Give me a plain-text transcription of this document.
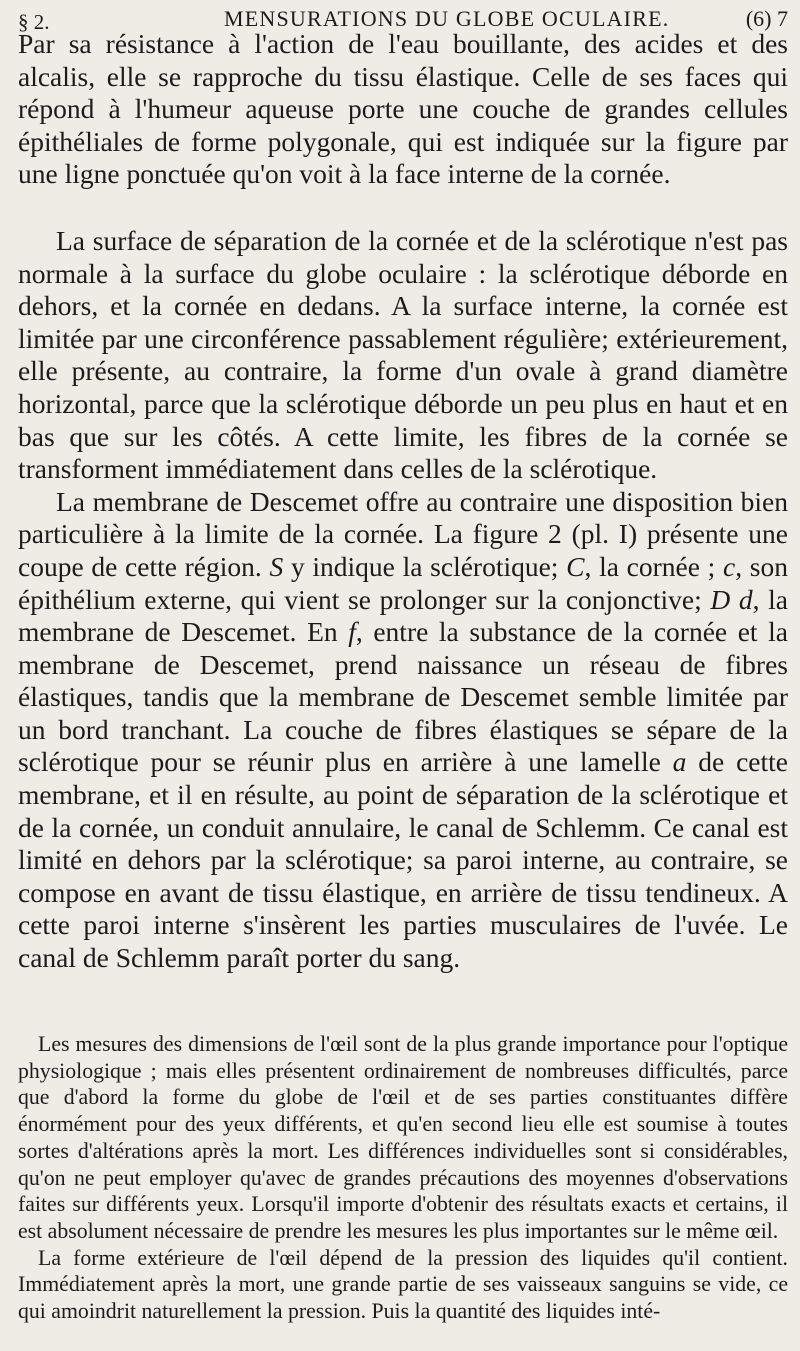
§ 2.	MENSURATIONS DU GLOBE OCULAIRE.	(6) 7

Par sa résistance à l'action de l'eau bouillante, des acides et des alcalis, elle se rapproche du tissu élastique. Celle de ses faces qui répond à l'humeur aqueuse porte une couche de grandes cellules épithéliales de forme polygonale, qui est indiquée sur la figure par une ligne ponctuée qu'on voit à la face interne de la cornée.

La surface de séparation de la cornée et de la sclérotique n'est pas normale à la surface du globe oculaire : la sclérotique déborde en dehors, et la cornée en dedans. A la surface interne, la cornée est limitée par une circonférence passablement régulière; extérieurement, elle présente, au contraire, la forme d'un ovale à grand diamètre horizontal, parce que la sclérotique déborde un peu plus en haut et en bas que sur les côtés. A cette limite, les fibres de la cornée se transforment immédiatement dans celles de la sclérotique.

La membrane de Descemet offre au contraire une disposition bien particulière à la limite de la cornée. La figure 2 (pl. I) présente une coupe de cette région. S y indique la sclérotique; C, la cornée ; c, son épithélium externe, qui vient se prolonger sur la conjonctive; D d, la membrane de Descemet. En f, entre la substance de la cornée et la membrane de Descemet, prend naissance un réseau de fibres élastiques, tandis que la membrane de Descemet semble limitée par un bord tranchant. La couche de fibres élastiques se sépare de la sclérotique pour se réunir plus en arrière à une lamelle a de cette membrane, et il en résulte, au point de séparation de la sclérotique et de la cornée, un conduit annulaire, le canal de Schlemm. Ce canal est limité en dehors par la sclérotique; sa paroi interne, au contraire, se compose en avant de tissu élastique, en arrière de tissu tendineux. A cette paroi interne s'insèrent les parties musculaires de l'uvée. Le canal de Schlemm paraît porter du sang.

Les mesures des dimensions de l'œil sont de la plus grande importance pour l'optique physiologique ; mais elles présentent ordinairement de nombreuses difficultés, parce que d'abord la forme du globe de l'œil et de ses parties constituantes diffère énormément pour des yeux différents, et qu'en second lieu elle est soumise à toutes sortes d'altérations après la mort. Les différences individuelles sont si considérables, qu'on ne peut employer qu'avec de grandes précautions des moyennes d'observations faites sur différents yeux. Lorsqu'il importe d'obtenir des résultats exacts et certains, il est absolument nécessaire de prendre les mesures les plus importantes sur le même œil.

La forme extérieure de l'œil dépend de la pression des liquides qu'il contient. Immédiatement après la mort, une grande partie de ses vaisseaux sanguins se vide, ce qui amoindrit naturellement la pression. Puis la quantité des liquides inté-
